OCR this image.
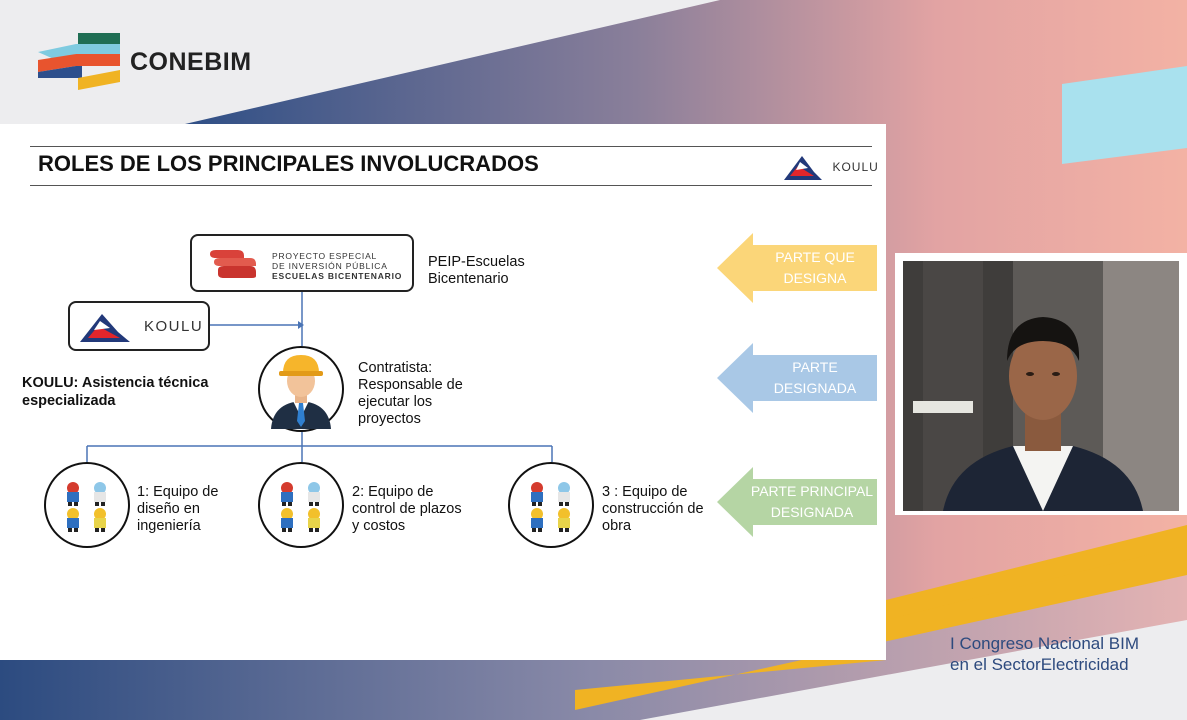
CONEBIM
ROLES DE LOS PRINCIPALES INVOLUCRADOS	KOULU
PROYECTO ESPECIAL
DE INVERSIÓN PÚBLICA
ESCUELAS BICENTENARIO
PEIP-Escuelas
Bicentenario
KOULU
KOULU: Asistencia técnica
especializada
Contratista:
Responsable de
ejecutar los
proyectos
1: Equipo de
diseño en
ingeniería
2: Equipo de
control de plazos
y costos
3 : Equipo de
construcción de
obra
PARTE QUE
DESIGNA
PARTE
DESIGNADA
PARTE PRINCIPAL
DESIGNADA
I Congreso Nacional BIM
en el SectorElectricidad
